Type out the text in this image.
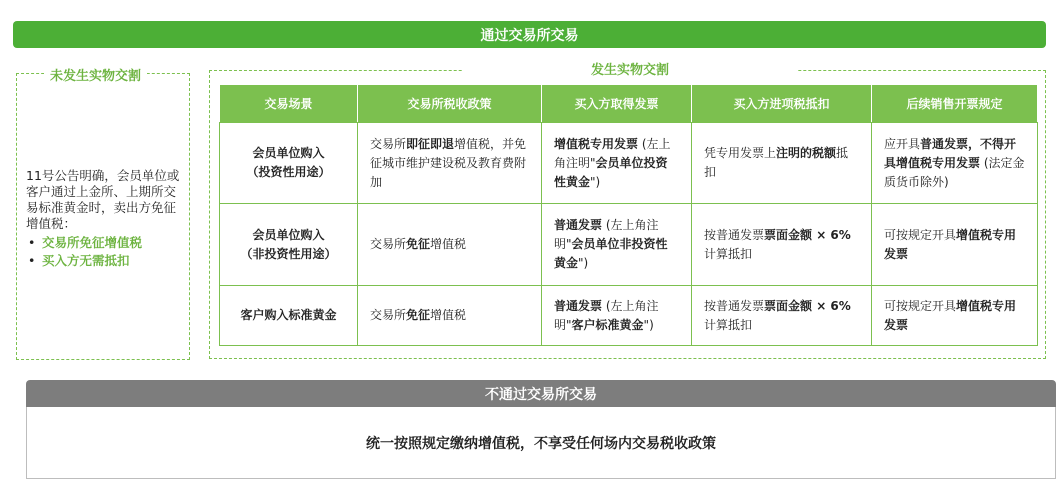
通过交易所交易
未发生实物交割
11号公告明确，会员单位或客户通过上金所、上期所交易标准黄金时，卖出方免征增值税：
• 交易所免征增值税
• 买入方无需抵扣
发生实物交割
交易场景	交易所税收政策	买入方取得发票	买入方进项税抵扣	后续销售开票规定

会员单位购入
（投资性用途）	交易所即征即退增值税，并免征城市维护建设税及教育费附加	增值税专用发票 (左上角注明"会员单位投资性黄金")	凭专用发票上注明的税额抵扣	应开具普通发票，不得开具增值税专用发票 (法定金质货币除外)

会员单位购入
（非投资性用途）	交易所免征增值税	普通发票 (左上角注明"会员单位非投资性黄金")	按普通发票票面金额 × 6% 计算抵扣	可按规定开具增值税专用发票

客户购入标准黄金	交易所免征增值税	普通发票 (左上角注明"客户标准黄金")	按普通发票票面金额 × 6% 计算抵扣	可按规定开具增值税专用发票
不通过交易所交易
统一按照规定缴纳增值税，不享受任何场内交易税收政策
